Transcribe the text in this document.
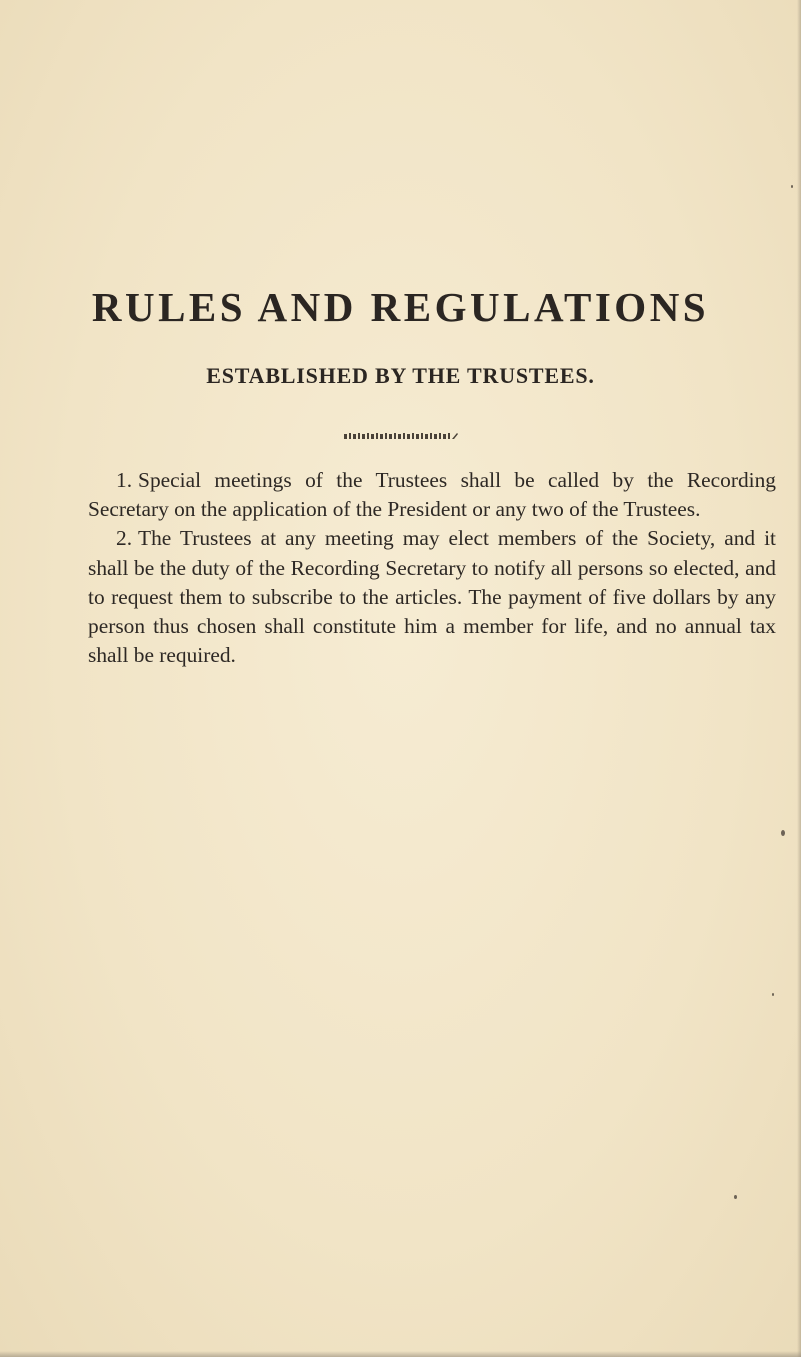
RULES AND REGULATIONS
ESTABLISHED BY THE TRUSTEES.

1. Special meetings of the Trustees shall be called by the Recording Secretary on the application of the President or any two of the Trustees.

2. The Trustees at any meeting may elect members of the Society, and it shall be the duty of the Recording Secretary to notify all persons so elected, and to request them to subscribe to the articles. The payment of five dollars by any person thus chosen shall constitute him a member for life, and no annual tax shall be required.
